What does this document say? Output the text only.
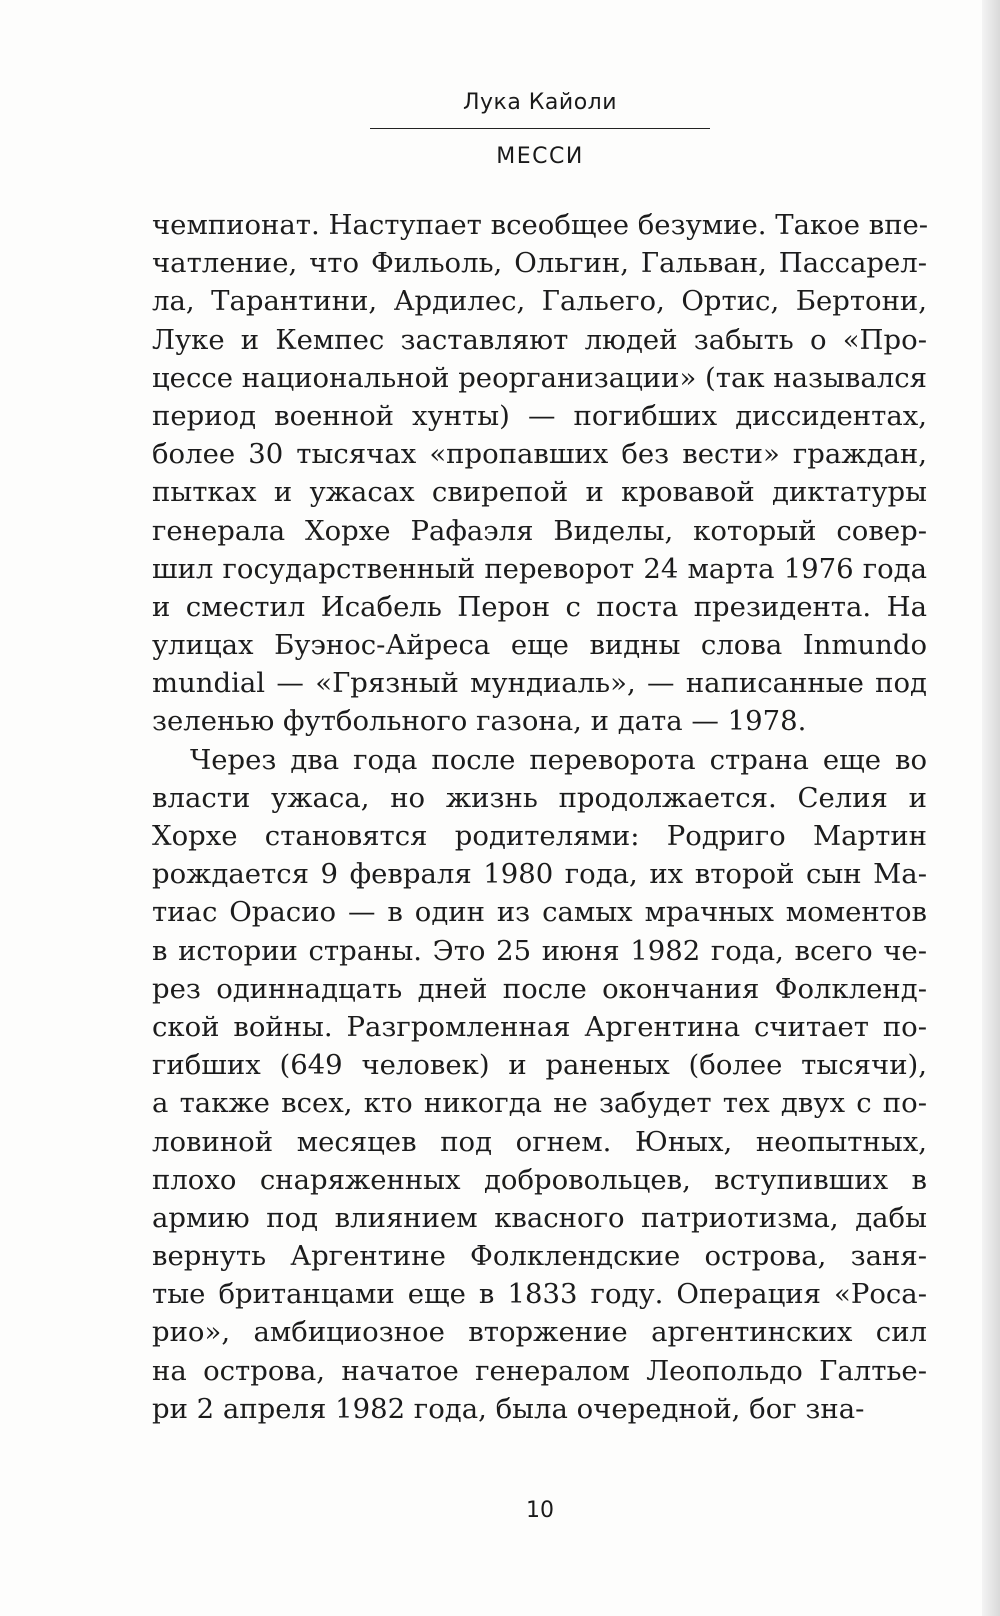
Лука Кайоли
МЕССИ
чемпионат. Наступает всеобщее безумие. Такое впе-
чатление, что Фильоль, Ольгин, Гальван, Пассарел-
ла, Тарантини, Ардилес, Гальего, Ортис, Бертони,
Луке и Кемпес заставляют людей забыть о «Про-
цессе национальной реорганизации» (так назывался
период военной хунты) — погибших диссидентах,
более 30 тысячах «пропавших без вести» граждан,
пытках и ужасах свирепой и кровавой диктатуры
генерала Хорхе Рафаэля Виделы, который совер-
шил государственный переворот 24 марта 1976 года
и сместил Исабель Перон с поста президента. На
улицах Буэнос-Айреса еще видны слова Inmundo
mundial — «Грязный мундиаль», — написанные под
зеленью футбольного газона, и дата — 1978.
Через два года после переворота страна еще во
власти ужаса, но жизнь продолжается. Селия и
Хорхе становятся родителями: Родриго Мартин
рождается 9 февраля 1980 года, их второй сын Ма-
тиас Орасио — в один из самых мрачных моментов
в истории страны. Это 25 июня 1982 года, всего че-
рез одиннадцать дней после окончания Фолкленд-
ской войны. Разгромленная Аргентина считает по-
гибших (649 человек) и раненых (более тысячи),
а также всех, кто никогда не забудет тех двух с по-
ловиной месяцев под огнем. Юных, неопытных,
плохо снаряженных добровольцев, вступивших в
армию под влиянием квасного патриотизма, дабы
вернуть Аргентине Фолклендские острова, заня-
тые британцами еще в 1833 году. Операция «Роса-
рио», амбициозное вторжение аргентинских сил
на острова, начатое генералом Леопольдо Галтье-
ри 2 апреля 1982 года, была очередной, бог зна-
10
